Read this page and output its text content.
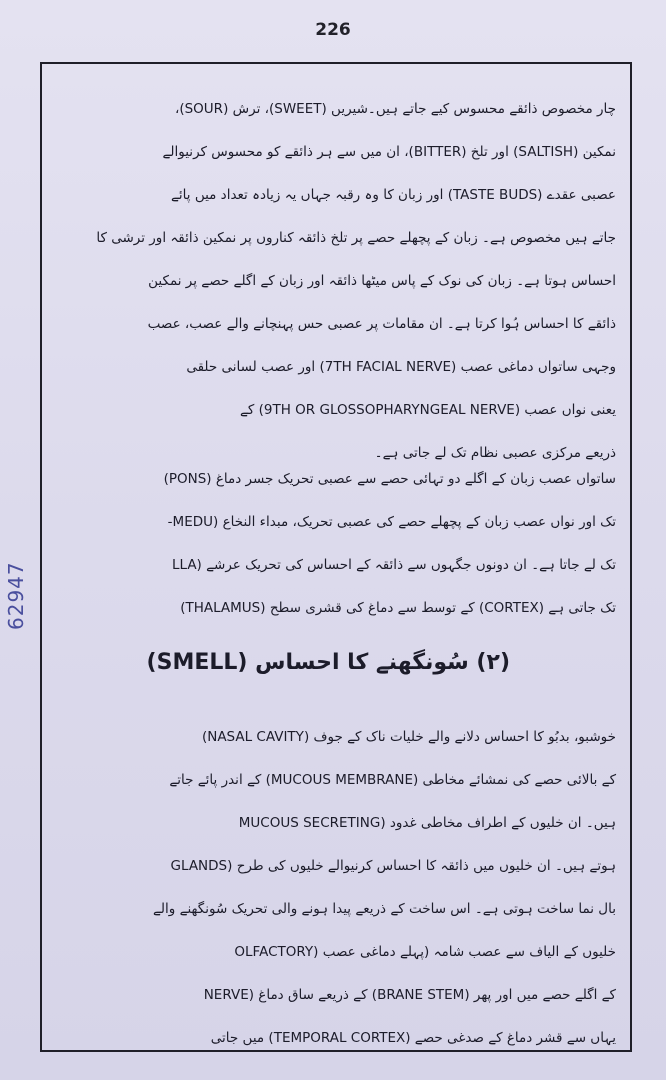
226
62947
چار مخصوص ذائقے محسوس کیے جاتے ہیں۔شیریں (SWEET)، ترش (SOUR)،
نمکین (SALTISH) اور تلخ (BITTER)، ان میں سے ہر ذائقے کو محسوس کرنیوالے
عصبی عقدے (TASTE BUDS) اور زبان کا وہ رقبہ جہاں یہ زیادہ تعداد میں پائے
جاتے ہیں مخصوص ہے۔ زبان کے پچھلے حصے پر تلخ ذائقہ کناروں پر نمکین ذائقہ اور ترشی کا
احساس ہوتا ہے۔ زبان کی نوک کے پاس میٹھا ذائقہ اور زبان کے اگلے حصے پر نمکین
ذائقے کا احساس ہُوا کرتا ہے۔ ان مقامات پر عصبی حس پہنچانے والے عصب، عصب
وجہی ساتواں دماغی عصب (7TH FACIAL NERVE) اور عصب لسانی حلقی
یعنی نواں عصب (9TH OR GLOSSOPHARYNGEAL NERVE) کے
ذریعے مرکزی عصبی نظام تک لے جاتی ہے۔
ساتواں عصب زبان کے اگلے دو تہائی حصے سے عصبی تحریک جسر دماغ (PONS)
تک اور نواں عصب زبان کے پچھلے حصے کی عصبی تحریک، مبداء النخاع (MEDU-
LLA) تک لے جاتا ہے۔ ان دونوں جگہوں سے ذائقہ کے احساس کی تحریک عرشے
(THALAMUS) کے توسط سے دماغ کی قشری سطح (CORTEX) تک جاتی ہے
(۲) سُونگھنے کا احساس (SMELL)
خوشبو، بدبُو کا احساس دلانے والے خلیات ناک کے جوف (NASAL CAVITY)
کے بالائی حصے کی نمشائے مخاطی (MUCOUS MEMBRANE) کے اندر پائے جاتے
ہیں۔ ان خلیوں کے اطراف مخاطی غدود (MUCOUS SECRETING
GLANDS) ہوتے ہیں۔ ان خلیوں میں ذائقہ کا احساس کرنیوالے خلیوں کی طرح
بال نما ساخت ہوتی ہے۔ اس ساخت کے ذریعے پیدا ہونے والی تحریک سُونگھنے والے
خلیوں کے الیاف سے عصب شامہ (پہلے دماغی عصب (OLFACTORY
NERVE) کے ذریعے ساق دماغ (BRANE STEM) کے اگلے حصے میں اور پھر
یہاں سے قشر دماغ کے صدغی حصے (TEMPORAL CORTEX) میں جاتی
